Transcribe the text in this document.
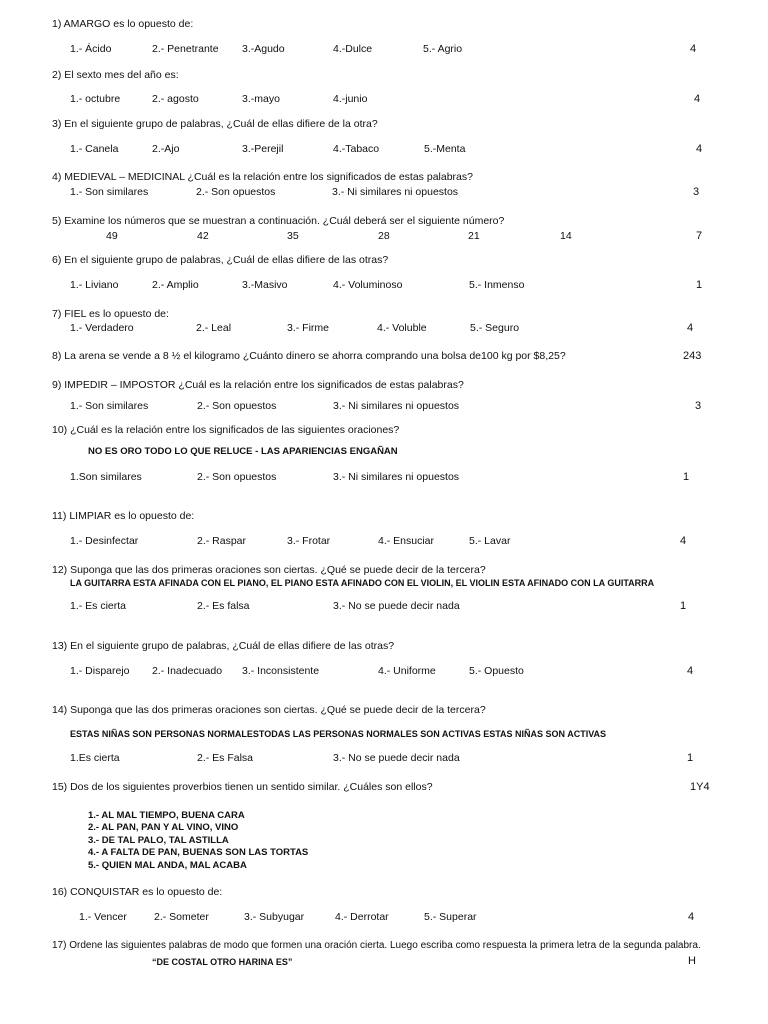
1) AMARGO es lo opuesto de:
1.- Ácido	2.- Penetrante 3.-Agudo	4.-Dulce	5.- Agrio	4
2) El sexto mes del año es:
1.- octubre	2.- agosto	3.-mayo	4.-junio	4
3) En el siguiente grupo de palabras, ¿Cuál de ellas difiere de la otra?
1.- Canela	2.-Ajo	3.-Perejil	4.-Tabaco	5.-Menta	4
4) MEDIEVAL – MEDICINAL ¿Cuál es la relación entre los significados de estas palabras?
1.- Son similares	2.- Son opuestos	3.- Ni similares ni opuestos	3
5) Examine los números que se muestran a continuación. ¿Cuál deberá ser el siguiente número?
49	42	35	28	21	14	7
6) En el siguiente grupo de palabras, ¿Cuál de ellas difiere de las otras?
1.- Liviano	2.- Amplio	3.-Masivo	4.- Voluminoso	5.- Inmenso	1
7) FIEL es lo opuesto de:
1.- Verdadero	2.- Leal	3.- Firme	4.- Voluble	5.- Seguro	4
8) La arena se vende a 8 ½ el kilogramo ¿Cuánto dinero se ahorra comprando una bolsa de100 kg por $8,25?	243
9) IMPEDIR – IMPOSTOR ¿Cuál es la relación entre los significados de estas palabras?
1.- Son similares	2.- Son opuestos	3.- Ni similares ni opuestos	3
10) ¿Cuál es la relación entre los significados de las siguientes oraciones?
NO ES ORO TODO LO QUE RELUCE - LAS APARIENCIAS ENGAÑAN
1.Son similares	2.- Son opuestos	3.- Ni similares ni opuestos	1
11) LIMPIAR es lo opuesto de:
1.- Desinfectar	2.- Raspar	3.- Frotar	4.- Ensuciar	5.- Lavar	4
12) Suponga que las dos primeras oraciones son ciertas. ¿Qué se puede decir de la tercera?
LA GUITARRA ESTA AFINADA CON EL PIANO, EL PIANO ESTA AFINADO CON EL VIOLIN, EL VIOLIN ESTA AFINADO CON LA GUITARRA
1.- Es cierta	2.- Es falsa	3.- No se puede decir nada	1
13) En el siguiente grupo de palabras, ¿Cuál de ellas difiere de las otras?
1.- Disparejo 2.- Inadecuado 3.- Inconsistente	4.- Uniforme	5.- Opuesto	4
14) Suponga que las dos primeras oraciones son ciertas. ¿Qué se puede decir de la tercera?
ESTAS NIÑAS SON PERSONAS NORMALESTODAS LAS PERSONAS NORMALES SON ACTIVAS ESTAS NIÑAS SON ACTIVAS
1.Es cierta	2.- Es Falsa	3.- No se puede decir nada	1
15) Dos de los siguientes proverbios tienen un sentido similar. ¿Cuáles son ellos?	1Y4
1.- AL MAL TIEMPO, BUENA CARA
2.- AL PAN, PAN Y AL VINO, VINO
3.- DE TAL PALO, TAL ASTILLA
4.- A FALTA DE PAN, BUENAS SON LAS TORTAS
5.- QUIEN MAL ANDA, MAL ACABA
16) CONQUISTAR es lo opuesto de:
1.- Vencer	2.- Someter	3.- Subyugar	4.- Derrotar	5.- Superar	4
17) Ordene las siguientes palabras de modo que formen una oración cierta. Luego escriba como respuesta la primera letra de la segunda palabra.
“DE COSTAL OTRO HARINA ES”	H
